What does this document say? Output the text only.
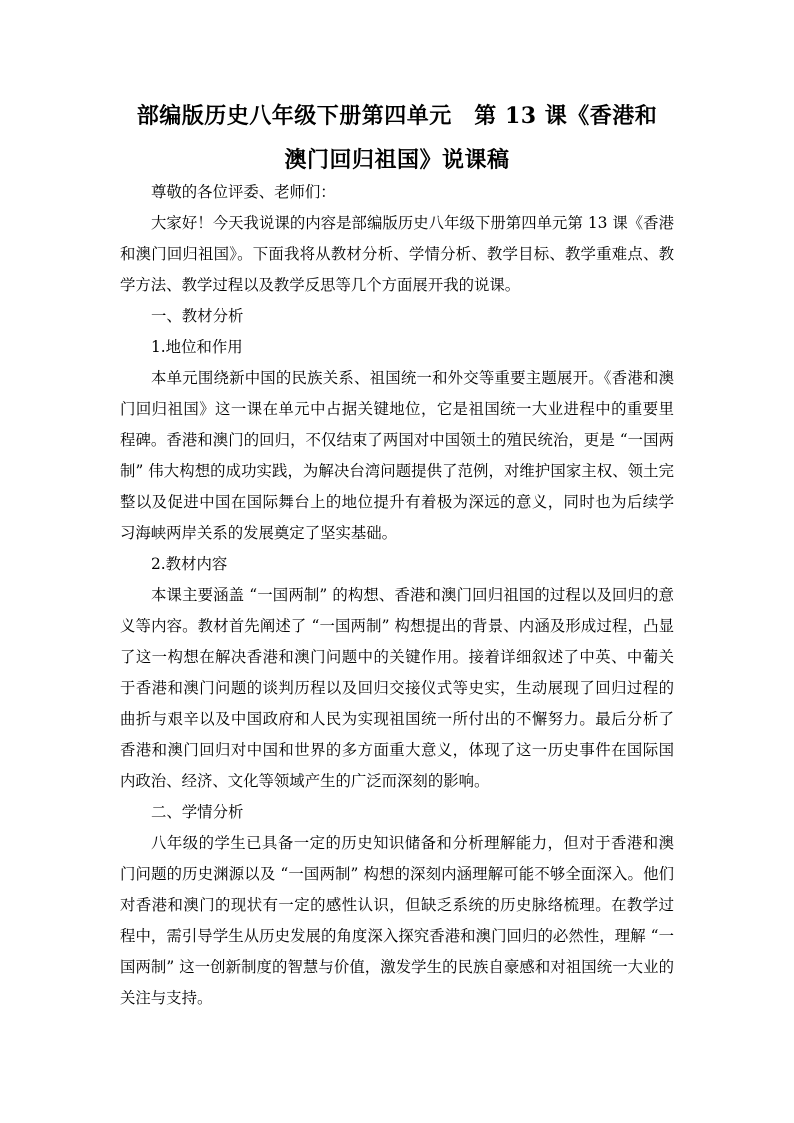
部编版历史八年级下册第四单元　第 13 课《香港和
澳门回归祖国》说课稿

尊敬的各位评委、老师们：

大家好！今天我说课的内容是部编版历史八年级下册第四单元第 13 课《香港和澳门回归祖国》。下面我将从教材分析、学情分析、教学目标、教学重难点、教学方法、教学过程以及教学反思等几个方面展开我的说课。

一、教材分析

1.地位和作用

本单元围绕新中国的民族关系、祖国统一和外交等重要主题展开。《香港和澳门回归祖国》这一课在单元中占据关键地位，它是祖国统一大业进程中的重要里程碑。香港和澳门的回归，不仅结束了两国对中国领土的殖民统治，更是 “一国两制” 伟大构想的成功实践，为解决台湾问题提供了范例，对维护国家主权、领土完整以及促进中国在国际舞台上的地位提升有着极为深远的意义，同时也为后续学习海峡两岸关系的发展奠定了坚实基础。

2.教材内容

本课主要涵盖 “一国两制” 的构想、香港和澳门回归祖国的过程以及回归的意义等内容。教材首先阐述了 “一国两制” 构想提出的背景、内涵及形成过程，凸显了这一构想在解决香港和澳门问题中的关键作用。接着详细叙述了中英、中葡关于香港和澳门问题的谈判历程以及回归交接仪式等史实，生动展现了回归过程的曲折与艰辛以及中国政府和人民为实现祖国统一所付出的不懈努力。最后分析了香港和澳门回归对中国和世界的多方面重大意义，体现了这一历史事件在国际国内政治、经济、文化等领域产生的广泛而深刻的影响。

二、学情分析

八年级的学生已具备一定的历史知识储备和分析理解能力，但对于香港和澳门问题的历史渊源以及 “一国两制” 构想的深刻内涵理解可能不够全面深入。他们对香港和澳门的现状有一定的感性认识，但缺乏系统的历史脉络梳理。在教学过程中，需引导学生从历史发展的角度深入探究香港和澳门回归的必然性，理解 “一国两制” 这一创新制度的智慧与价值，激发学生的民族自豪感和对祖国统一大业的关注与支持。
